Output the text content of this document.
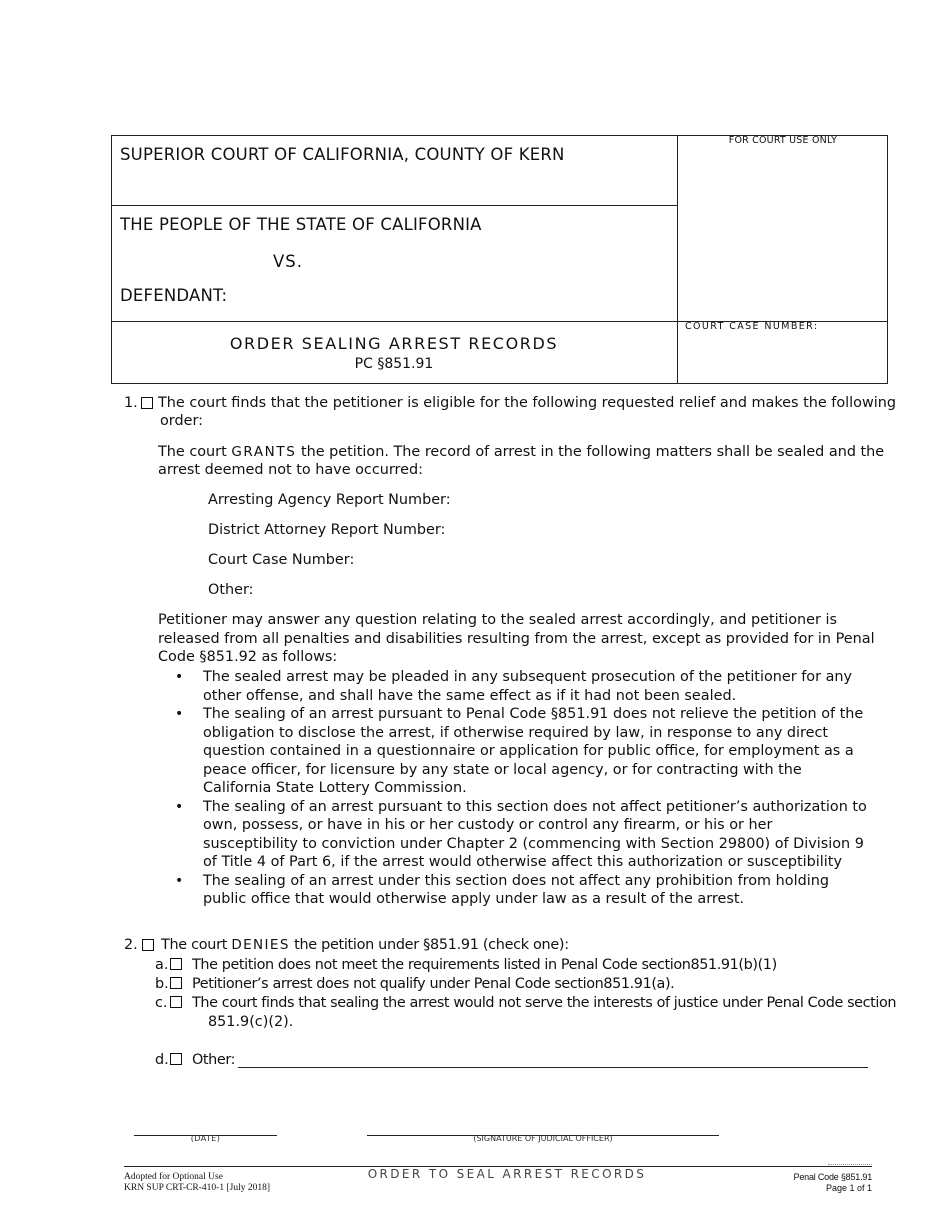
SUPERIOR COURT OF CALIFORNIA, COUNTY OF KERN
FOR COURT USE ONLY
THE PEOPLE OF THE STATE OF CALIFORNIA
VS.
DEFENDANT:
ORDER SEALING ARREST RECORDS
PC §851.91
COURT CASE NUMBER:
1. The court finds that the petitioner is eligible for the following requested relief and makes the following
order:
The court GRANTS the petition. The record of arrest in the following matters shall be sealed and the
arrest deemed not to have occurred:
Arresting Agency Report Number:
District Attorney Report Number:
Court Case Number:
Other:
Petitioner may answer any question relating to the sealed arrest accordingly, and petitioner is released from all penalties and disabilities resulting from the arrest, except as provided for in Penal Code §851.92 as follows:
• The sealed arrest may be pleaded in any subsequent prosecution of the petitioner for any other offense, and shall have the same effect as if it had not been sealed.
• The sealing of an arrest pursuant to Penal Code §851.91 does not relieve the petition of the obligation to disclose the arrest, if otherwise required by law, in response to any direct question contained in a questionnaire or application for public office, for employment as a peace officer, for licensure by any state or local agency, or for contracting with the California State Lottery Commission.
• The sealing of an arrest pursuant to this section does not affect petitioner’s authorization to own, possess, or have in his or her custody or control any firearm, or his or her susceptibility to conviction under Chapter 2 (commencing with Section 29800) of Division 9 of Title 4 of Part 6, if the arrest would otherwise affect this authorization or susceptibility
• The sealing of an arrest under this section does not affect any prohibition from holding public office that would otherwise apply under law as a result of the arrest.
2. The court DENIES the petition under §851.91 (check one):
a. The petition does not meet the requirements listed in Penal Code section851.91(b)(1)
b. Petitioner’s arrest does not qualify under Penal Code section851.91(a).
c. The court finds that sealing the arrest would not serve the interests of justice under Penal Code section
851.9(c)(2).
d. Other:
(DATE)	(SIGNATURE OF JUDICIAL OFFICER)
Adopted for Optional Use
KRN SUP CRT-CR-410-1 [July 2018]
ORDER TO SEAL ARREST RECORDS	Penal Code §851.91
Page 1 of 1
